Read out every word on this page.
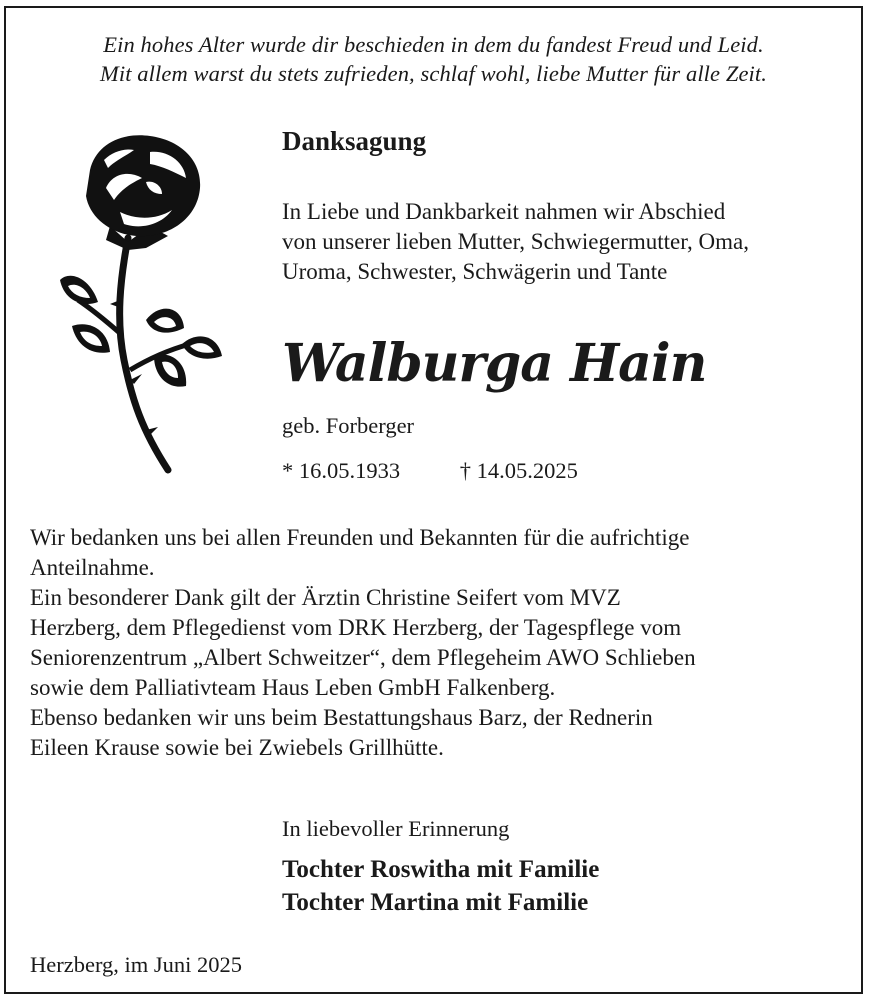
Ein hohes Alter wurde dir beschieden in dem du fandest Freud und Leid.
Mit allem warst du stets zufrieden, schlaf wohl, liebe Mutter für alle Zeit.
Danksagung
In Liebe und Dankbarkeit nahmen wir Abschied
von unserer lieben Mutter, Schwiegermutter, Oma,
Uroma, Schwester, Schwägerin und Tante
Walburga Hain
geb. Forberger
* 16.05.1933	† 14.05.2025
Wir bedanken uns bei allen Freunden und Bekannten für die aufrichtige
Anteilnahme.
Ein besonderer Dank gilt der Ärztin Christine Seifert vom MVZ
Herzberg, dem Pflegedienst vom DRK Herzberg, der Tagespflege vom
Seniorenzentrum „Albert Schweitzer“, dem Pflegeheim AWO Schlieben
sowie dem Palliativteam Haus Leben GmbH Falkenberg.
Ebenso bedanken wir uns beim Bestattungshaus Barz, der Rednerin
Eileen Krause sowie bei Zwiebels Grillhütte.
In liebevoller Erinnerung
Tochter Roswitha mit Familie
Tochter Martina mit Familie
Herzberg, im Juni 2025
